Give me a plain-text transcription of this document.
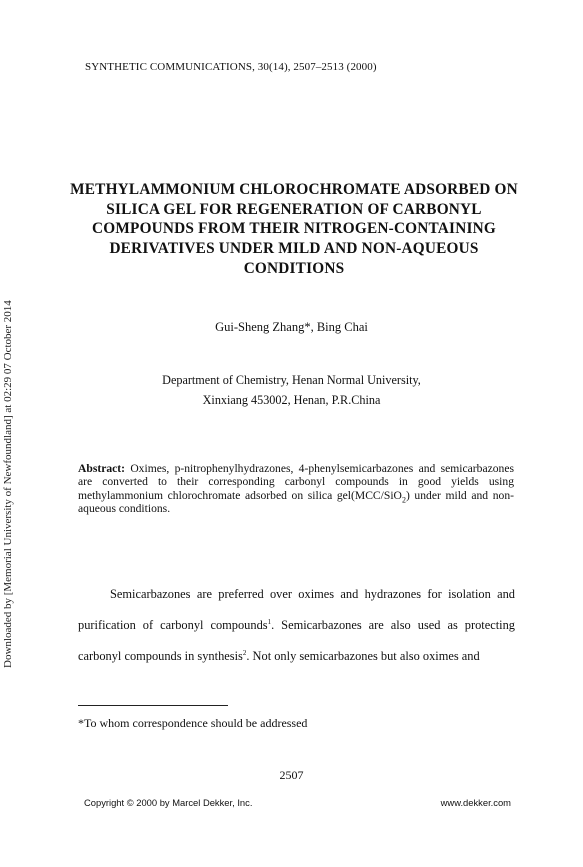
SYNTHETIC COMMUNICATIONS, 30(14), 2507–2513 (2000)
Downloaded by [Memorial University of Newfoundland] at 02:29 07 October 2014
METHYLAMMONIUM CHLOROCHROMATE ADSORBED ON SILICA GEL FOR REGENERATION OF CARBONYL COMPOUNDS FROM THEIR NITROGEN-CONTAINING DERIVATIVES UNDER MILD AND NON-AQUEOUS CONDITIONS
Gui-Sheng Zhang*, Bing Chai
Department of Chemistry, Henan Normal University,
Xinxiang 453002, Henan, P.R.China
Abstract: Oximes, p-nitrophenylhydrazones, 4-phenylsemicarbazones and semicarbazones are converted to their corresponding carbonyl compounds in good yields using methylammonium chlorochromate adsorbed on silica gel(MCC/SiO$_2$) under mild and non-aqueous conditions.

Semicarbazones are preferred over oximes and hydrazones for isolation and purification of carbonyl compounds$^1$. Semicarbazones are also used as protecting carbonyl compounds in synthesis$^2$. Not only semicarbazones but also oximes and

*To whom correspondence should be addressed
2507
Copyright © 2000 by Marcel Dekker, Inc.	www.dekker.com
